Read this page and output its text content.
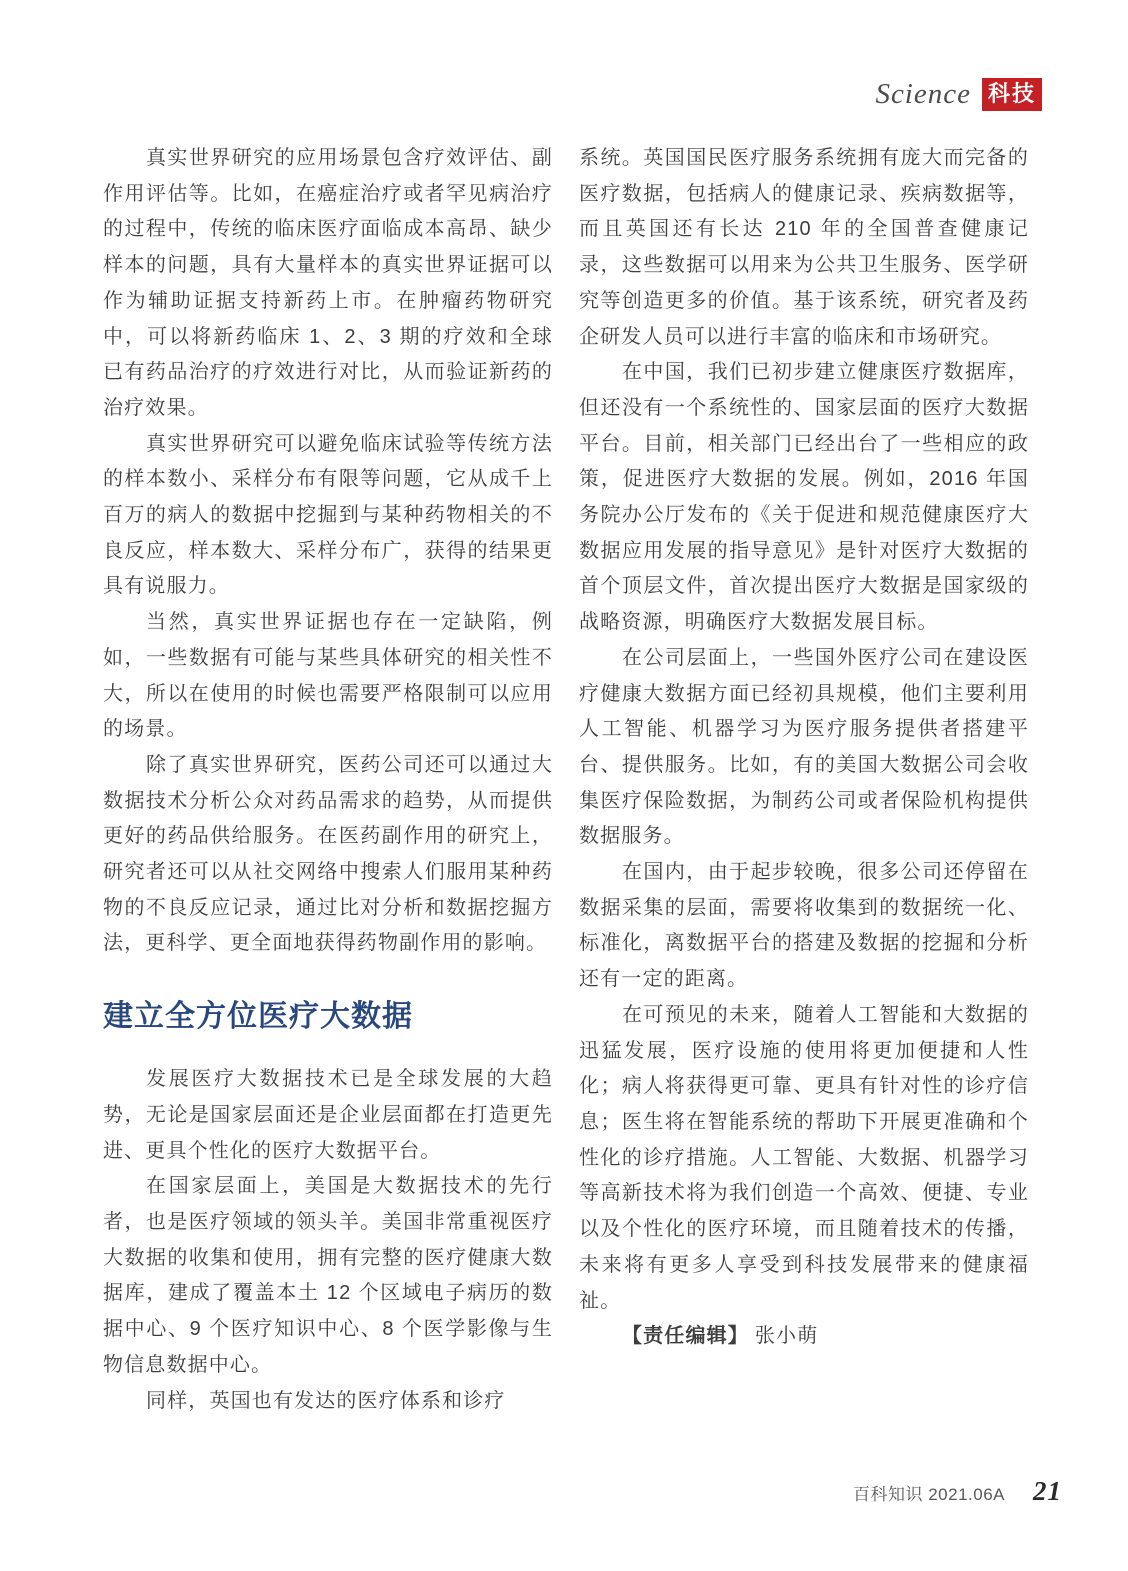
Science 科技

真实世界研究的应用场景包含疗效评估、副作用评估等。比如，在癌症治疗或者罕见病治疗的过程中，传统的临床医疗面临成本高昂、缺少样本的问题，具有大量样本的真实世界证据可以作为辅助证据支持新药上市。在肿瘤药物研究中，可以将新药临床 1、2、3 期的疗效和全球已有药品治疗的疗效进行对比，从而验证新药的治疗效果。

真实世界研究可以避免临床试验等传统方法的样本数小、采样分布有限等问题，它从成千上百万的病人的数据中挖掘到与某种药物相关的不良反应，样本数大、采样分布广，获得的结果更具有说服力。

当然，真实世界证据也存在一定缺陷，例如，一些数据有可能与某些具体研究的相关性不大，所以在使用的时候也需要严格限制可以应用的场景。

除了真实世界研究，医药公司还可以通过大数据技术分析公众对药品需求的趋势，从而提供更好的药品供给服务。在医药副作用的研究上，研究者还可以从社交网络中搜索人们服用某种药物的不良反应记录，通过比对分析和数据挖掘方法，更科学、更全面地获得药物副作用的影响。

建立全方位医疗大数据

发展医疗大数据技术已是全球发展的大趋势，无论是国家层面还是企业层面都在打造更先进、更具个性化的医疗大数据平台。

在国家层面上，美国是大数据技术的先行者，也是医疗领域的领头羊。美国非常重视医疗大数据的收集和使用，拥有完整的医疗健康大数据库，建成了覆盖本土 12 个区域电子病历的数据中心、9 个医疗知识中心、8 个医学影像与生物信息数据中心。

同样，英国也有发达的医疗体系和诊疗

系统。英国国民医疗服务系统拥有庞大而完备的医疗数据，包括病人的健康记录、疾病数据等，而且英国还有长达 210 年的全国普查健康记录，这些数据可以用来为公共卫生服务、医学研究等创造更多的价值。基于该系统，研究者及药企研发人员可以进行丰富的临床和市场研究。

在中国，我们已初步建立健康医疗数据库，但还没有一个系统性的、国家层面的医疗大数据平台。目前，相关部门已经出台了一些相应的政策，促进医疗大数据的发展。例如，2016 年国务院办公厅发布的《关于促进和规范健康医疗大数据应用发展的指导意见》是针对医疗大数据的首个顶层文件，首次提出医疗大数据是国家级的战略资源，明确医疗大数据发展目标。

在公司层面上，一些国外医疗公司在建设医疗健康大数据方面已经初具规模，他们主要利用人工智能、机器学习为医疗服务提供者搭建平台、提供服务。比如，有的美国大数据公司会收集医疗保险数据，为制药公司或者保险机构提供数据服务。

在国内，由于起步较晚，很多公司还停留在数据采集的层面，需要将收集到的数据统一化、标准化，离数据平台的搭建及数据的挖掘和分析还有一定的距离。

在可预见的未来，随着人工智能和大数据的迅猛发展，医疗设施的使用将更加便捷和人性化；病人将获得更可靠、更具有针对性的诊疗信息；医生将在智能系统的帮助下开展更准确和个性化的诊疗措施。人工智能、大数据、机器学习等高新技术将为我们创造一个高效、便捷、专业以及个性化的医疗环境，而且随着技术的传播，未来将有更多人享受到科技发展带来的健康福祉。

【责任编辑】 张小萌

百科知识 2021.06A 21
